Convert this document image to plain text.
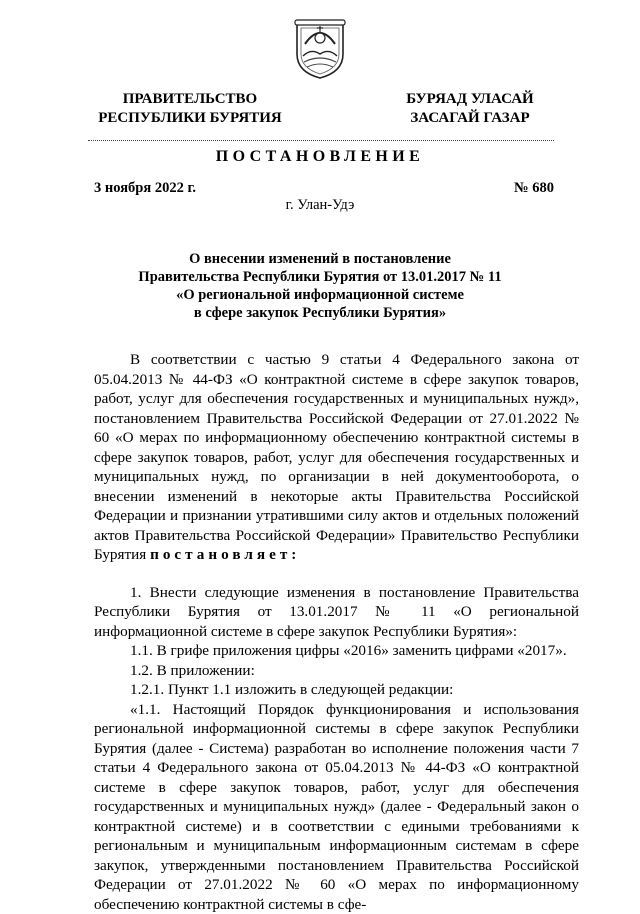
ПРАВИТЕЛЬСТВО
РЕСПУБЛИКИ БУРЯТИЯ
БУРЯАД УЛАСАЙ
ЗАСАГАЙ ГАЗАР
ПОСТАНОВЛЕНИЕ
3 ноября 2022 г.	№ 680
г. Улан-Удэ
О внесении изменений в постановление
Правительства Республики Бурятия от 13.01.2017 № 11
«О региональной информационной системе
в сфере закупок Республики Бурятия»

В соответствии с частью 9 статьи 4 Федерального закона от 05.04.2013 № 44-ФЗ «О контрактной системе в сфере закупок товаров, работ, услуг для обеспечения государственных и муниципальных нужд», постановлением Правительства Российской Федерации от 27.01.2022 № 60 «О мерах по информационному обеспечению контрактной системы в сфере закупок товаров, работ, услуг для обеспечения государственных и муниципальных нужд, по организации в ней документооборота, о внесении изменений в некоторые акты Правительства Российской Федерации и признании утратившими силу актов и отдельных положений актов Правительства Российской Федерации» Правительство Республики Бурятия постановляет:

1. Внести следующие изменения в постановление Правительства Республики Бурятия от 13.01.2017 № 11 «О региональной информационной системе в сфере закупок Республики Бурятия»:

1.1. В грифе приложения цифры «2016» заменить цифрами «2017».

1.2. В приложении:

1.2.1. Пункт 1.1 изложить в следующей редакции:

«1.1. Настоящий Порядок функционирования и использования региональной информационной системы в сфере закупок Республики Бурятия (далее - Система) разработан во исполнение положения части 7 статьи 4 Федерального закона от 05.04.2013 № 44-ФЗ «О контрактной системе в сфере закупок товаров, работ, услуг для обеспечения государственных и муниципальных нужд» (далее - Федеральный закон о контрактной системе) и в соответствии с едиными требованиями к региональным и муниципальным информационным системам в сфере закупок, утвержденными постановлением Правительства Российской Федерации от 27.01.2022 № 60 «О мерах по информационному обеспечению контрактной системы в сфе-
